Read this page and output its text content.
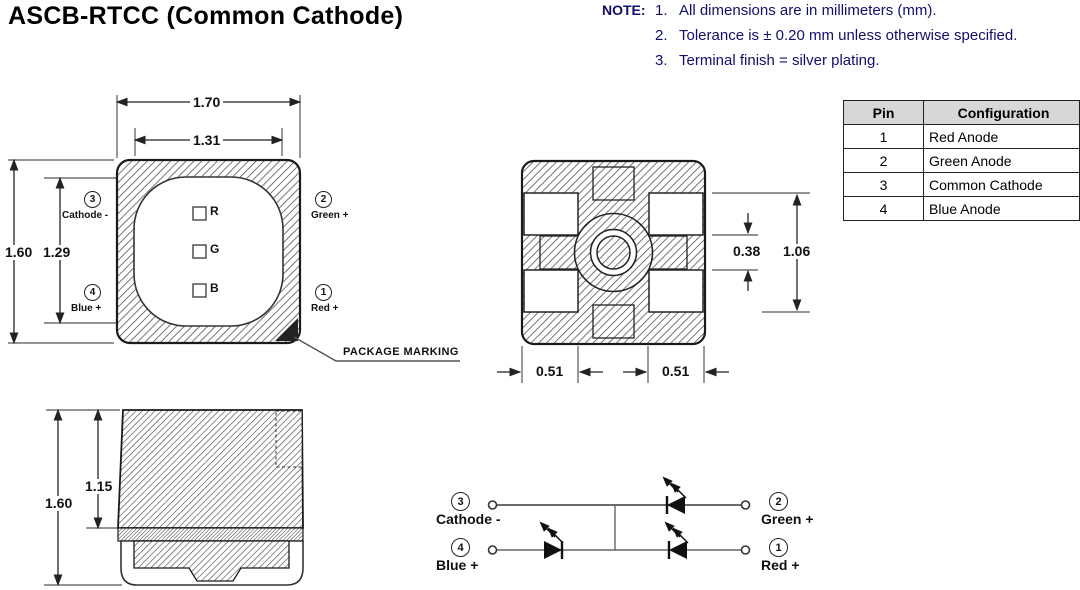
ASCB-RTCC (Common Cathode)	NOTE: 1. All dimensions are in millimeters (mm).
2. Tolerance is ± 0.20 mm unless otherwise specified.
3. Terminal finish = silver plating.
Pin	Configuration
1	Red Anode
2	Green Anode
3	Common Cathode
4	Blue Anode
1.70
1.31
1.60 1.29
R
G
B
3
Cathode -
2
Green +
4
Blue +
1
Red +
PACKAGE MARKING
0.38 1.06
0.51	0.51
1.60
1.15
3
Cathode -
2
Green +
4
Blue +
1
Red +
